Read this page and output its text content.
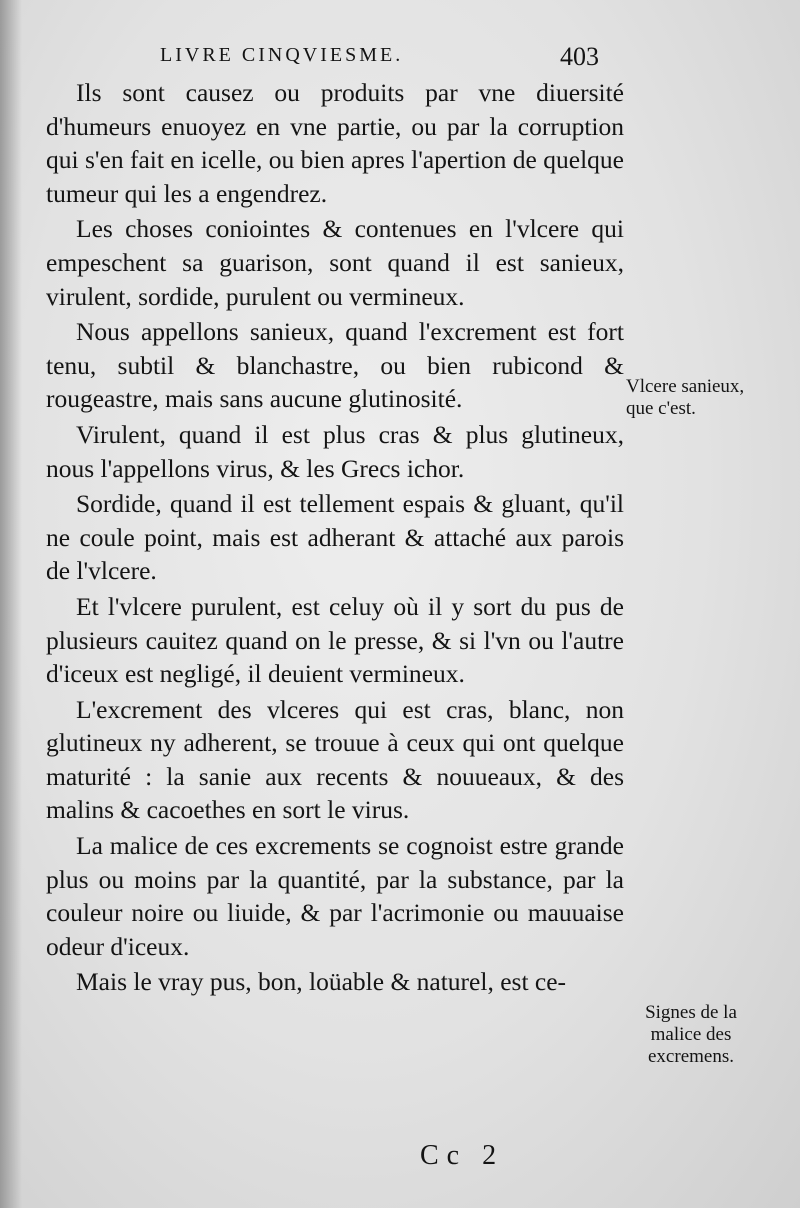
LIVRE CINQVIESME.	403

Ils sont causez ou produits par vne diuersité d'humeurs enuoyez en vne partie, ou par la corruption qui s'en fait en icelle, ou bien apres l'apertion de quelque tumeur qui les a engendrez.

Les choses coniointes & contenues en l'vlcere qui empeschent sa guarison, sont quand il est sanieux, virulent, sordide, purulent ou vermineux.

Nous appellons sanieux, quand l'excrement est fort tenu, subtil & blanchastre, ou bien rubicond & rougeastre, mais sans aucune glutinosité.

Virulent, quand il est plus cras & plus glutineux, nous l'appellons virus, & les Grecs ichor.

Sordide, quand il est tellement espais & gluant, qu'il ne coule point, mais est adherant & attaché aux parois de l'vlcere.

Et l'vlcere purulent, est celuy où il y sort du pus de plusieurs cauitez quand on le presse, & si l'vn ou l'autre d'iceux est negligé, il deuient vermineux.

L'excrement des vlceres qui est cras, blanc, non glutineux ny adherent, se trouue à ceux qui ont quelque maturité : la sanie aux recents & nouueaux, & des malins & cacoethes en sort le virus.

La malice de ces excrements se cognoist estre grande plus ou moins par la quantité, par la substance, par la couleur noire ou liuide, & par l'acrimonie ou mauuaise odeur d'iceux.

Mais le vray pus, bon, loüable & naturel, est ce-

Vlcere sanieux, que c'est.
Signes de la malice des excremens.
Cc 2
